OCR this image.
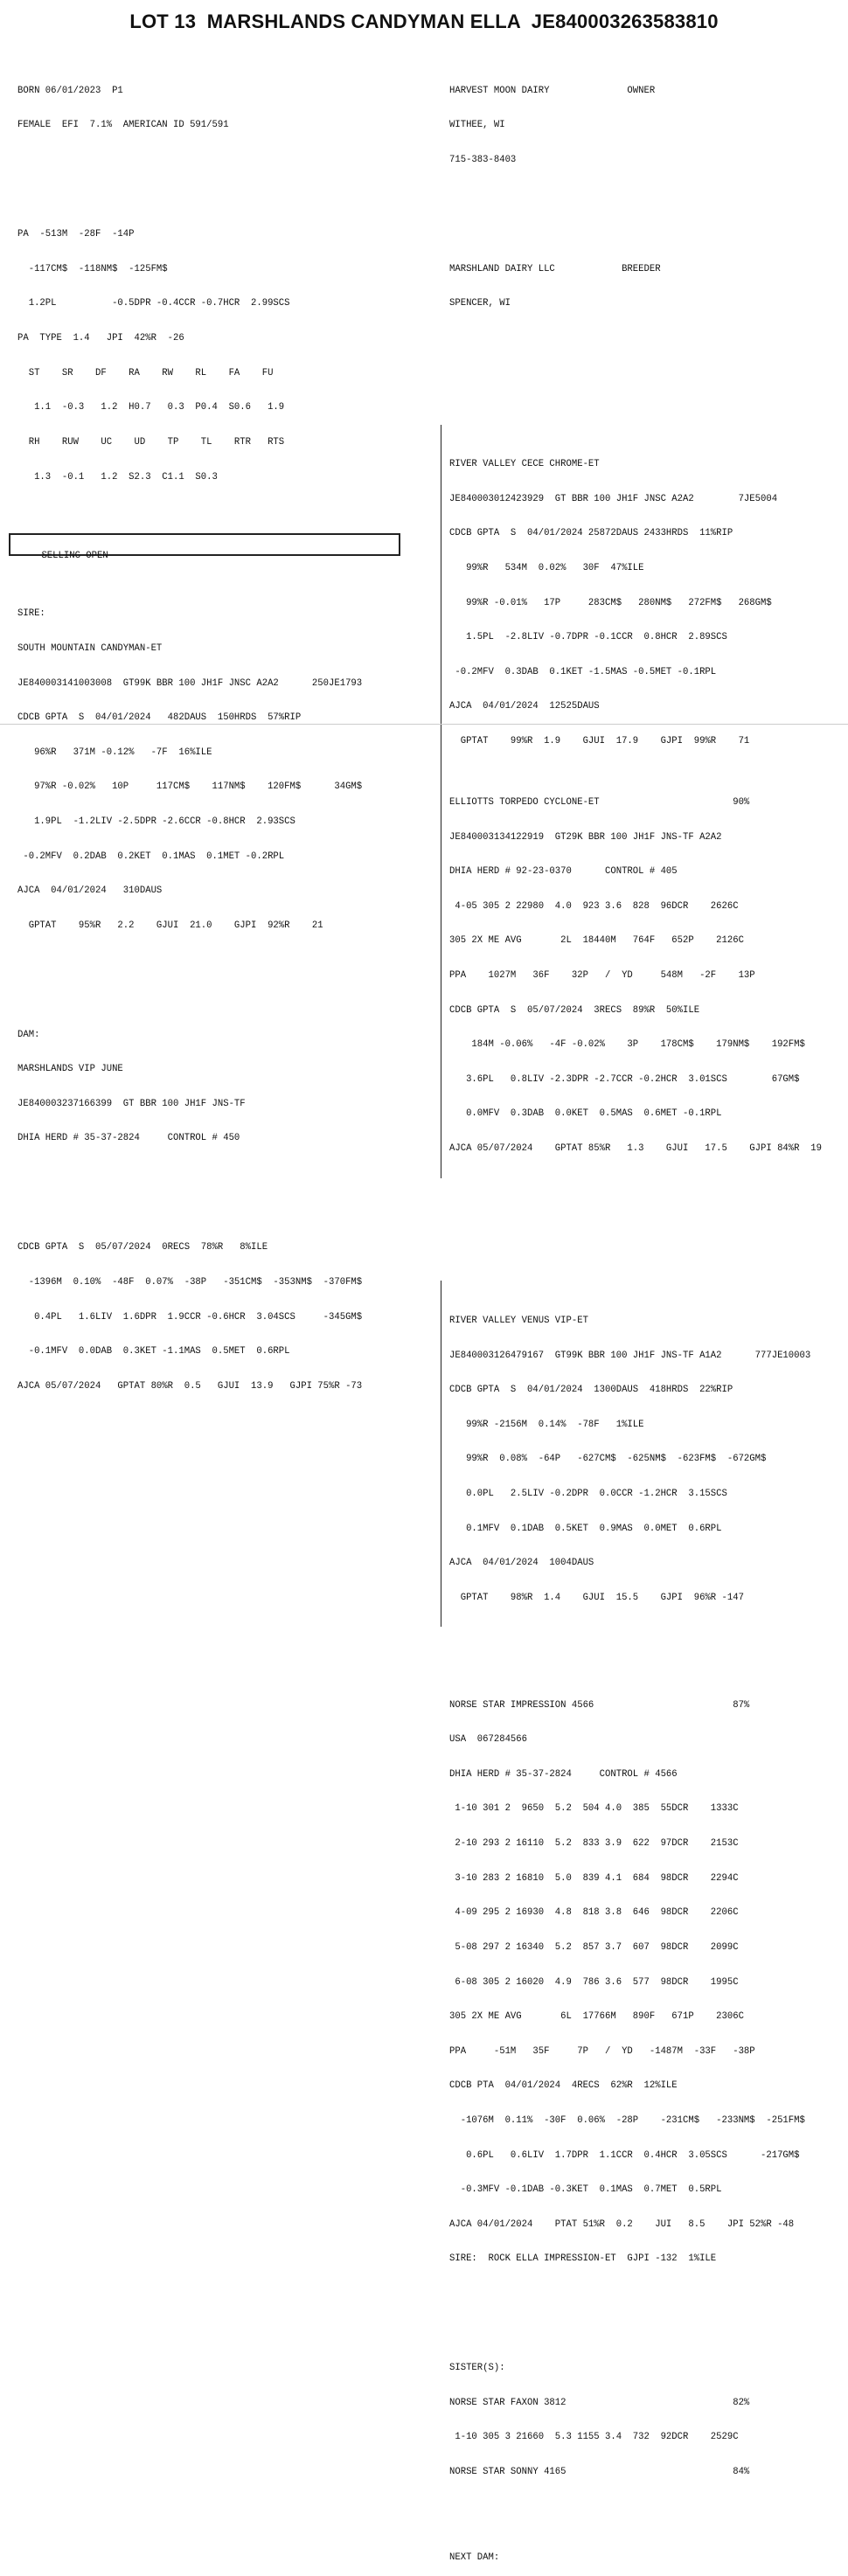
LOT 13  MARSHLANDS CANDYMAN ELLA  JE840003263583810

BORN 06/01/2023  P1

FEMALE  EFI  7.1%  AMERICAN ID 591/591

PA  -513M  -28F  -14P

-117CM$  -118NM$  -125FM$

1.2PL          -0.5DPR -0.4CCR -0.7HCR  2.99SCS

PA  TYPE  1.4   JPI  42%R  -26

ST    SR    DF    RA    RW    RL    FA    FU

1.1  -0.3   1.2  H0.7   0.3  P0.4  S0.6   1.9

RH    RUW    UC    UD    TP    TL    RTR   RTS

1.3  -0.1   1.2  S2.3  C1.1  S0.3

SELLING OPEN

SIRE:

SOUTH MOUNTAIN CANDYMAN-ET

JE840003141003008  GT99K BBR 100 JH1F JNSC A2A2      250JE1793

CDCB GPTA  S  04/01/2024   482DAUS  150HRDS  57%RIP

96%R   371M -0.12%   -7F  16%ILE

97%R -0.02%   10P     117CM$    117NM$    120FM$      34GM$

1.9PL  -1.2LIV -2.5DPR -2.6CCR -0.8HCR  2.93SCS

-0.2MFV  0.2DAB  0.2KET  0.1MAS  0.1MET -0.2RPL

AJCA  04/01/2024   310DAUS

GPTAT    95%R   2.2    GJUI  21.0    GJPI  92%R    21

DAM:

MARSHLANDS VIP JUNE

JE840003237166399  GT BBR 100 JH1F JNS-TF

DHIA HERD # 35-37-2824     CONTROL # 450

CDCB GPTA  S  05/07/2024  0RECS  78%R   8%ILE

-1396M  0.10%  -48F  0.07%  -38P   -351CM$  -353NM$  -370FM$

0.4PL   1.6LIV  1.6DPR  1.9CCR -0.6HCR  3.04SCS     -345GM$

-0.1MFV  0.0DAB  0.3KET -1.1MAS  0.5MET  0.6RPL

AJCA 05/07/2024   GPTAT 80%R  0.5   GJUI  13.9   GJPI 75%R -73

HARVEST MOON DAIRY              OWNER

WITHEE, WI

715-383-8403

MARSHLAND DAIRY LLC            BREEDER

SPENCER, WI

RIVER VALLEY CECE CHROME-ET

JE840003012423929  GT BBR 100 JH1F JNSC A2A2        7JE5004

CDCB GPTA  S  04/01/2024 25872DAUS 2433HRDS  11%RIP

99%R   534M  0.02%   30F  47%ILE

99%R -0.01%   17P     283CM$   280NM$   272FM$   268GM$

1.5PL  -2.8LIV -0.7DPR -0.1CCR  0.8HCR  2.89SCS

-0.2MFV  0.3DAB  0.1KET -1.5MAS -0.5MET -0.1RPL

AJCA  04/01/2024  12525DAUS

GPTAT    99%R  1.9    GJUI  17.9    GJPI  99%R    71

ELLIOTTS TORPEDO CYCLONE-ET                        90%

JE840003134122919  GT29K BBR 100 JH1F JNS-TF A2A2

DHIA HERD # 92-23-0370      CONTROL # 405

4-05 305 2 22980  4.0  923 3.6  828  96DCR    2626C

305 2X ME AVG       2L  18440M   764F   652P    2126C

PPA    1027M   36F    32P   /  YD     548M   -2F    13P

CDCB GPTA  S  05/07/2024  3RECS  89%R  50%ILE

184M -0.06%   -4F -0.02%    3P    178CM$    179NM$    192FM$

3.6PL   0.8LIV -2.3DPR -2.7CCR -0.2HCR  3.01SCS        67GM$

0.0MFV  0.3DAB  0.0KET  0.5MAS  0.6MET -0.1RPL

AJCA 05/07/2024    GPTAT 85%R   1.3    GJUI   17.5    GJPI 84%R  19

RIVER VALLEY VENUS VIP-ET

JE840003126479167  GT99K BBR 100 JH1F JNS-TF A1A2      777JE10003

CDCB GPTA  S  04/01/2024  1300DAUS  418HRDS  22%RIP

99%R -2156M  0.14%  -78F   1%ILE

99%R  0.08%  -64P   -627CM$  -625NM$  -623FM$  -672GM$

0.0PL   2.5LIV -0.2DPR  0.0CCR -1.2HCR  3.15SCS

0.1MFV  0.1DAB  0.5KET  0.9MAS  0.0MET  0.6RPL

AJCA  04/01/2024  1004DAUS

GPTAT    98%R  1.4    GJUI  15.5    GJPI  96%R -147

NORSE STAR IMPRESSION 4566                         87%

USA  067284566

DHIA HERD # 35-37-2824     CONTROL # 4566

1-10 301 2  9650  5.2  504 4.0  385  55DCR    1333C

2-10 293 2 16110  5.2  833 3.9  622  97DCR    2153C

3-10 283 2 16810  5.0  839 4.1  684  98DCR    2294C

4-09 295 2 16930  4.8  818 3.8  646  98DCR    2206C

5-08 297 2 16340  5.2  857 3.7  607  98DCR    2099C

6-08 305 2 16020  4.9  786 3.6  577  98DCR    1995C

305 2X ME AVG       6L  17766M   890F   671P    2306C

PPA     -51M   35F     7P   /  YD   -1487M  -33F   -38P

CDCB PTA  04/01/2024  4RECS  62%R  12%ILE

-1076M  0.11%  -30F  0.06%  -28P    -231CM$   -233NM$  -251FM$

0.6PL   0.6LIV  1.7DPR  1.1CCR  0.4HCR  3.05SCS      -217GM$

-0.3MFV -0.1DAB -0.3KET  0.1MAS  0.7MET  0.5RPL

AJCA 04/01/2024    PTAT 51%R  0.2    JUI   8.5    JPI 52%R -48

SIRE:  ROCK ELLA IMPRESSION-ET  GJPI -132  1%ILE

SISTER(S):

NORSE STAR FAXON 3812                              82%

1-10 305 3 21660  5.3 1155 3.4  732  92DCR    2529C

NORSE STAR SONNY 4165                              84%

NEXT DAM:
